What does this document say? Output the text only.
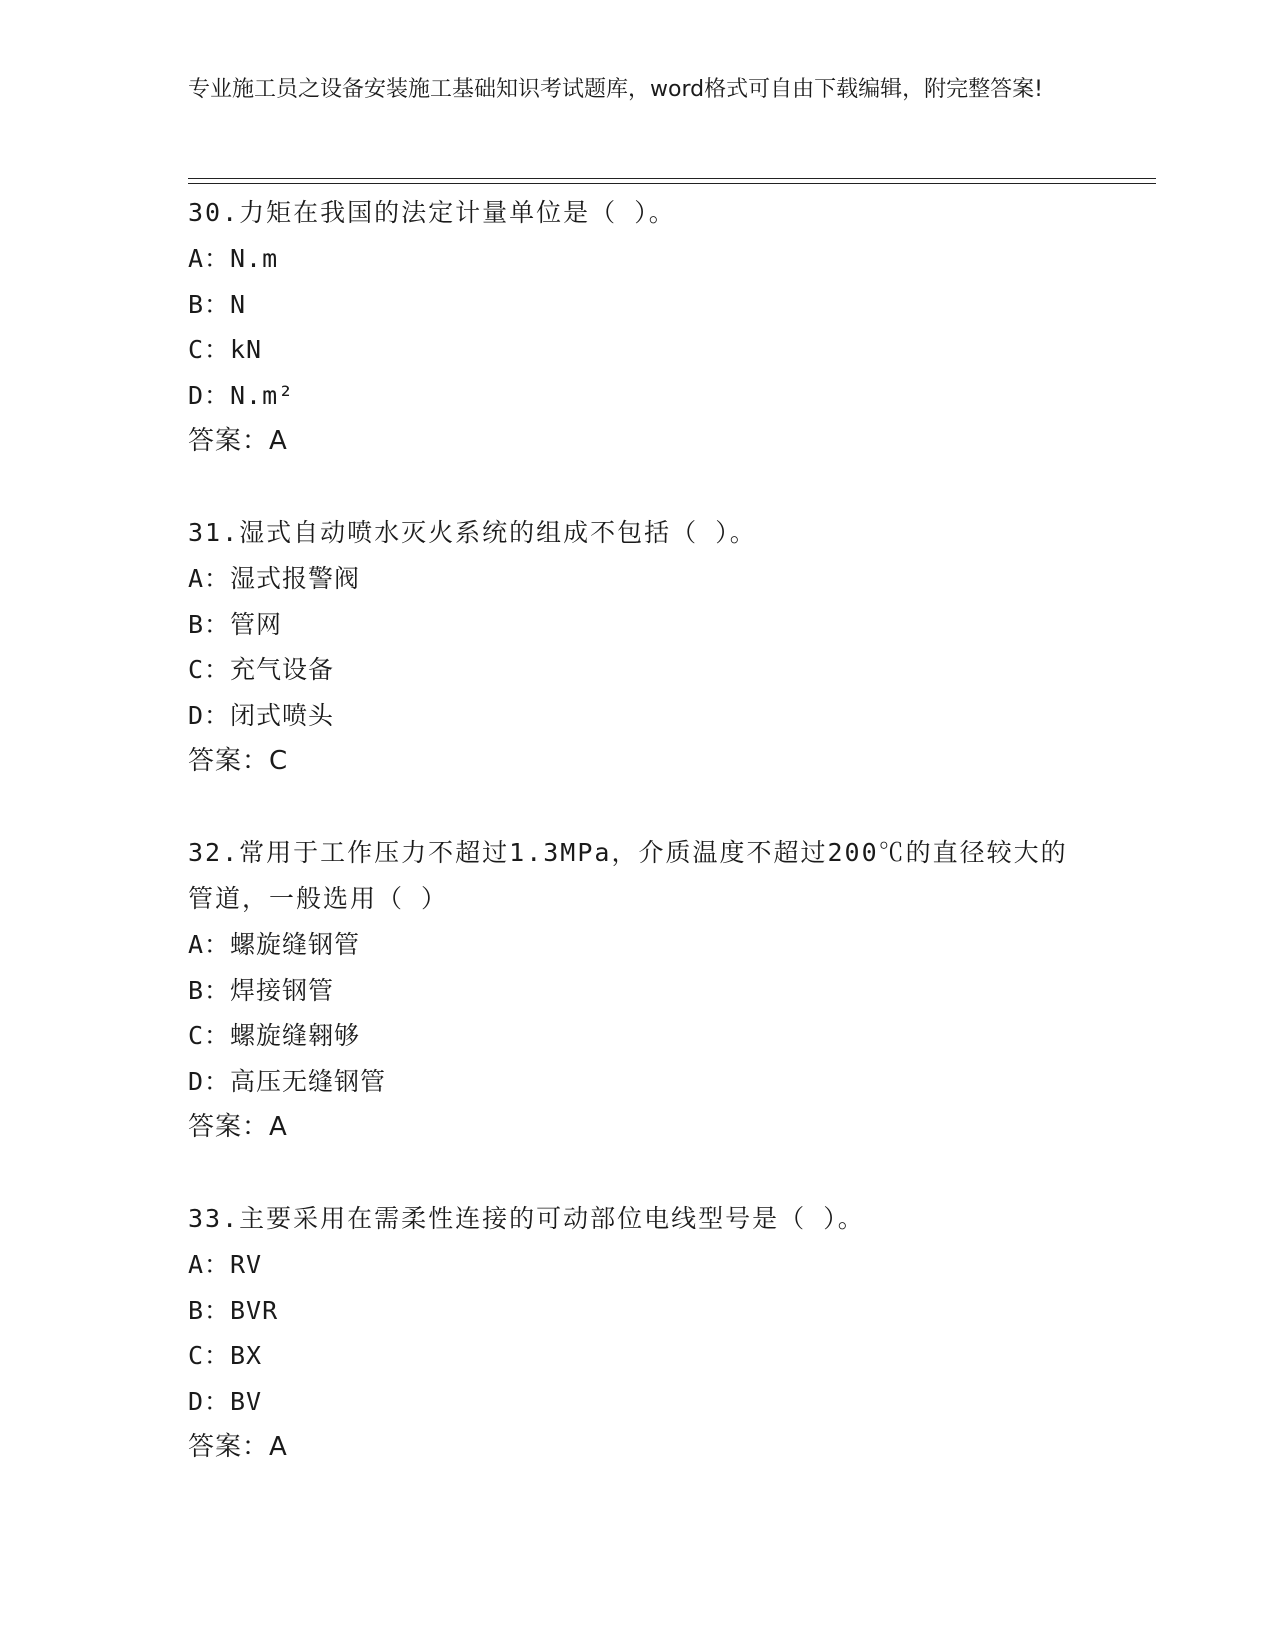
专业施工员之设备安装施工基础知识考试题库，word格式可自由下载编辑，附完整答案!
30.力矩在我国的法定计量单位是（ ）。
A：N.m
B：N
C：kN
D：N.m²
答案：A
31.湿式自动喷水灭火系统的组成不包括（ ）。
A：湿式报警阀
B：管网
C：充气设备
D：闭式喷头
答案：C
32.常用于工作压力不超过1.3MPa，介质温度不超过200℃的直径较大的管道，一般选用（ ）
A：螺旋缝钢管
B：焊接钢管
C：螺旋缝翱够
D：高压无缝钢管
答案：A
33.主要采用在需柔性连接的可动部位电线型号是（ ）。
A：RV
B：BVR
C：BX
D：BV
答案：A
